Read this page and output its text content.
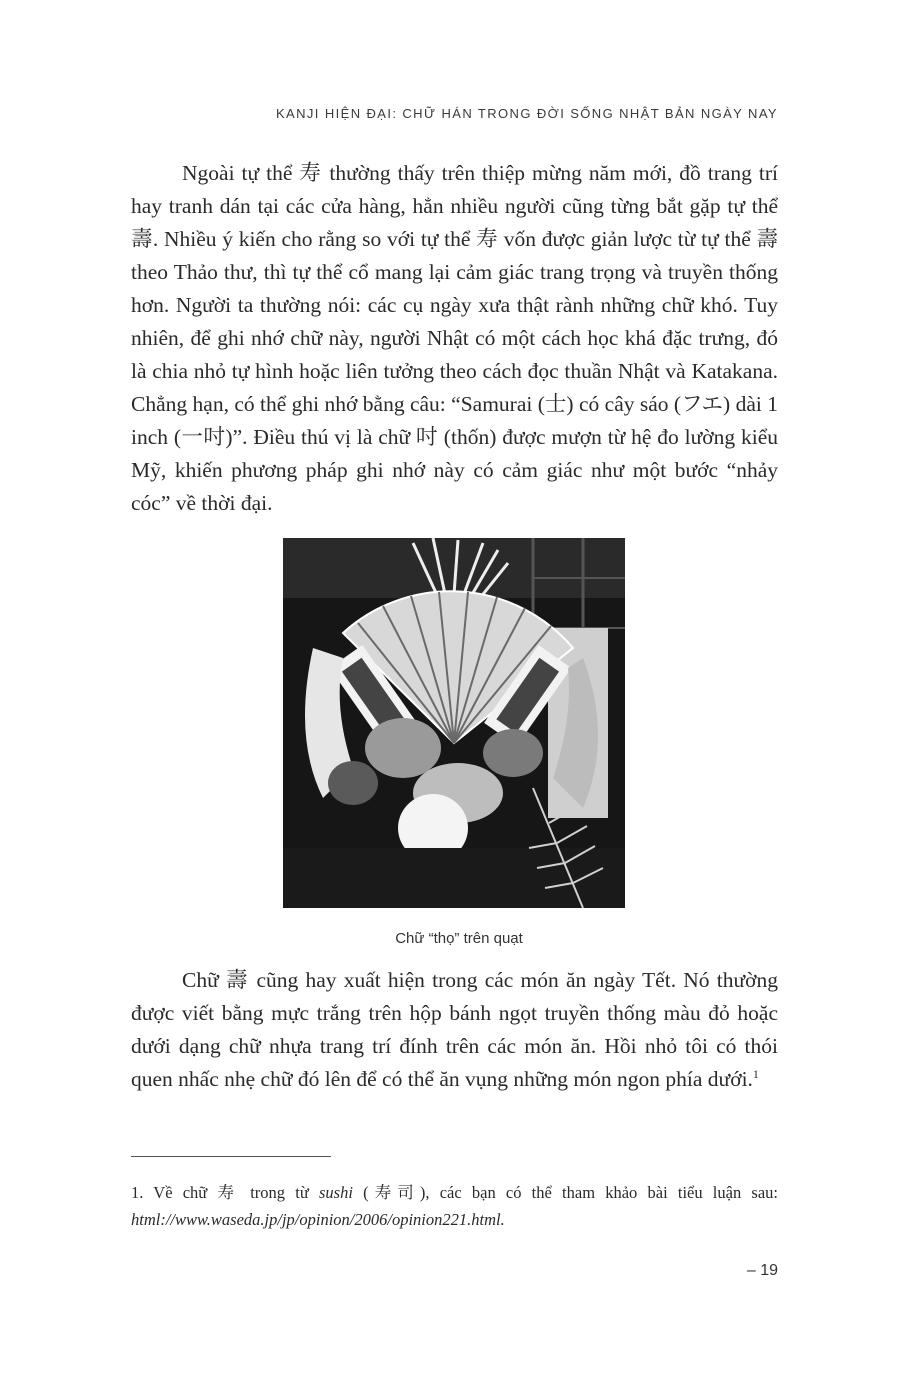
KANJI HIỆN ĐẠI: CHỮ HÁN TRONG ĐỜI SỐNG NHẬT BẢN NGÀY NAY

Ngoài tự thể 寿 thường thấy trên thiệp mừng năm mới, đồ trang trí hay tranh dán tại các cửa hàng, hẳn nhiều người cũng từng bắt gặp tự thể 壽. Nhiều ý kiến cho rằng so với tự thể 寿 vốn được giản lược từ tự thể 壽 theo Thảo thư, thì tự thể cổ mang lại cảm giác trang trọng và truyền thống hơn. Người ta thường nói: các cụ ngày xưa thật rành những chữ khó. Tuy nhiên, để ghi nhớ chữ này, người Nhật có một cách học khá đặc trưng, đó là chia nhỏ tự hình hoặc liên tưởng theo cách đọc thuần Nhật và Katakana. Chẳng hạn, có thể ghi nhớ bằng câu: “Samurai (士) có cây sáo (フエ) dài 1 inch (一吋)”. Điều thú vị là chữ 吋 (thốn) được mượn từ hệ đo lường kiểu Mỹ, khiến phương pháp ghi nhớ này có cảm giác như một bước “nhảy cóc” về thời đại.

Chữ “thọ” trên quạt

Chữ 壽 cũng hay xuất hiện trong các món ăn ngày Tết. Nó thường được viết bằng mực trắng trên hộp bánh ngọt truyền thống màu đỏ hoặc dưới dạng chữ nhựa trang trí đính trên các món ăn. Hồi nhỏ tôi có thói quen nhấc nhẹ chữ đó lên để có thể ăn vụng những món ngon phía dưới.$^1$

1. Về chữ 寿 trong từ sushi (寿司), các bạn có thể tham khảo bài tiểu luận sau: html://www.waseda.jp/jp/opinion/2006/opinion221.html.

– 19
